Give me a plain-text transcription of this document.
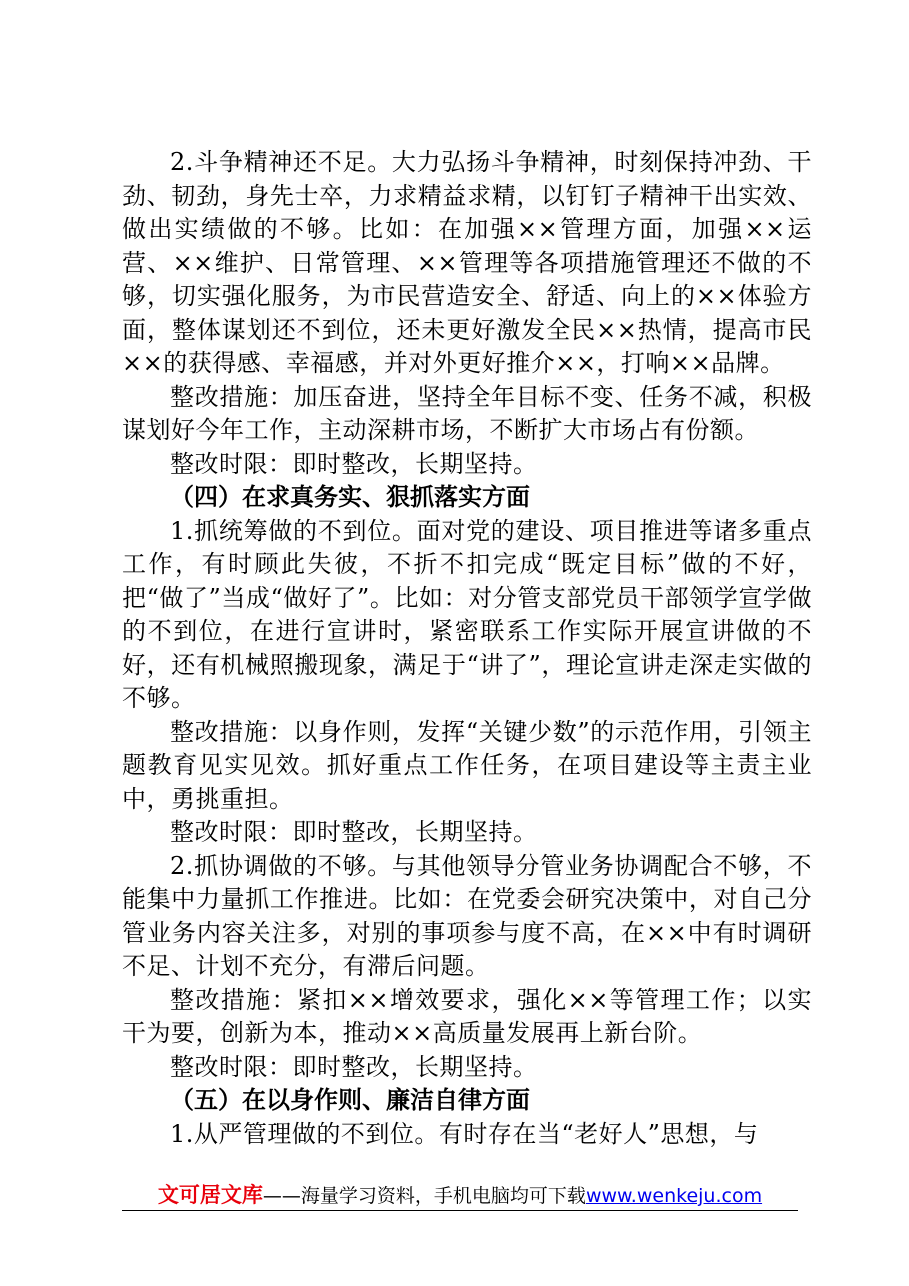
2.斗争精神还不足。大力弘扬斗争精神，时刻保持冲劲、干劲、韧劲，身先士卒，力求精益求精，以钉钉子精神干出实效、做出实绩做的不够。比如：在加强××管理方面，加强××运营、××维护、日常管理、××管理等各项措施管理还不做的不够，切实强化服务，为市民营造安全、舒适、向上的××体验方面，整体谋划还不到位，还未更好激发全民××热情，提高市民××的获得感、幸福感，并对外更好推介××，打响××品牌。

整改措施：加压奋进，坚持全年目标不变、任务不减，积极谋划好今年工作，主动深耕市场，不断扩大市场占有份额。

整改时限：即时整改，长期坚持。

（四）在求真务实、狠抓落实方面

1.抓统筹做的不到位。面对党的建设、项目推进等诸多重点工作，有时顾此失彼，不折不扣完成“既定目标”做的不好，把“做了”当成“做好了”。比如：对分管支部党员干部领学宣学做的不到位，在进行宣讲时，紧密联系工作实际开展宣讲做的不好，还有机械照搬现象，满足于“讲了”，理论宣讲走深走实做的不够。

整改措施：以身作则，发挥“关键少数”的示范作用，引领主题教育见实见效。抓好重点工作任务，在项目建设等主责主业中，勇挑重担。

整改时限：即时整改，长期坚持。

2.抓协调做的不够。与其他领导分管业务协调配合不够，不能集中力量抓工作推进。比如：在党委会研究决策中，对自己分管业务内容关注多，对别的事项参与度不高，在××中有时调研不足、计划不充分，有滞后问题。

整改措施：紧扣××增效要求，强化××等管理工作；以实干为要，创新为本，推动××高质量发展再上新台阶。

整改时限：即时整改，长期坚持。

（五）在以身作则、廉洁自律方面

1.从严管理做的不到位。有时存在当“老好人”思想，与

文可居文库——海量学习资料，手机电脑均可下载www.wenkeju.com
